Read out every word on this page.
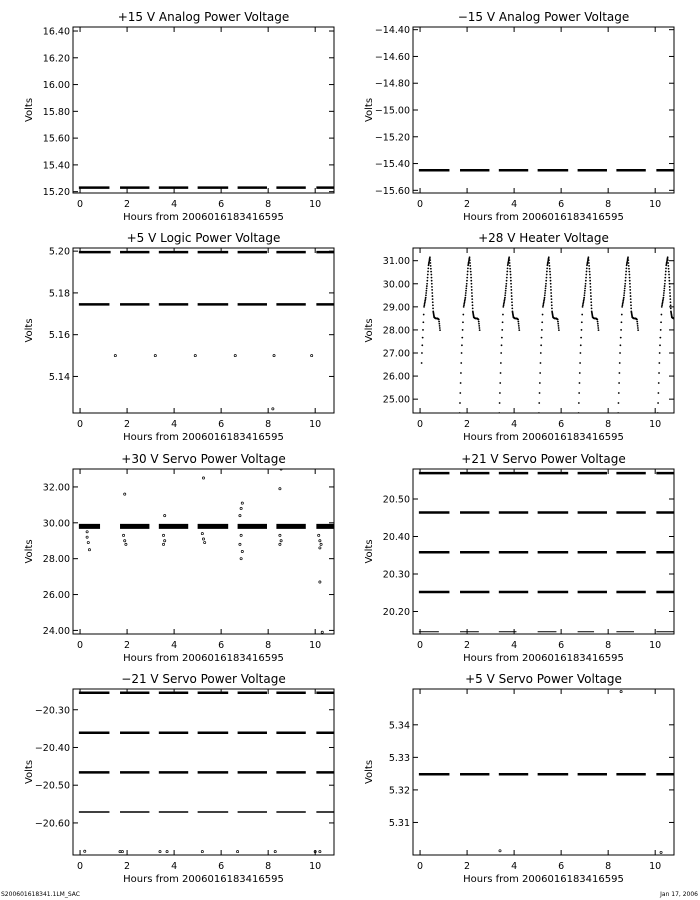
+15 V Analog Power Voltage
0	2	4	6	8	10
15.20
15.40
15.60
15.80
16.00
16.20
16.40
Hours from 2006016183416595
Volts
−15 V Analog Power Voltage
0	2	4	6	8	10
−15.60
−15.40
−15.20
−15.00
−14.80
−14.60
−14.40
Hours from 2006016183416595
Volts
+5 V Logic Power Voltage
0	2	4	6	8	10
5.14
5.16
5.18
5.20
Hours from 2006016183416595
Volts
+28 V Heater Voltage
0	2	4	6	8	10
25.00
26.00
27.00
28.00
29.00
30.00
31.00
Hours from 2006016183416595
Volts
+30 V Servo Power Voltage
0	2	4	6	8	10
24.00
26.00
28.00
30.00
32.00
Hours from 2006016183416595
Volts
+21 V Servo Power Voltage
0	2	4	6	8	10
20.20
20.30
20.40
20.50
Hours from 2006016183416595
Volts
−21 V Servo Power Voltage
0	2	4	6	8	10
−20.60
−20.50
−20.40
−20.30
Hours from 2006016183416595
Volts
+5 V Servo Power Voltage
0	2	4	6	8	10
5.31
5.32
5.33
5.34
Hours from 2006016183416595
Volts
S200601618341.1LM_SAC	Jan 17, 2006
